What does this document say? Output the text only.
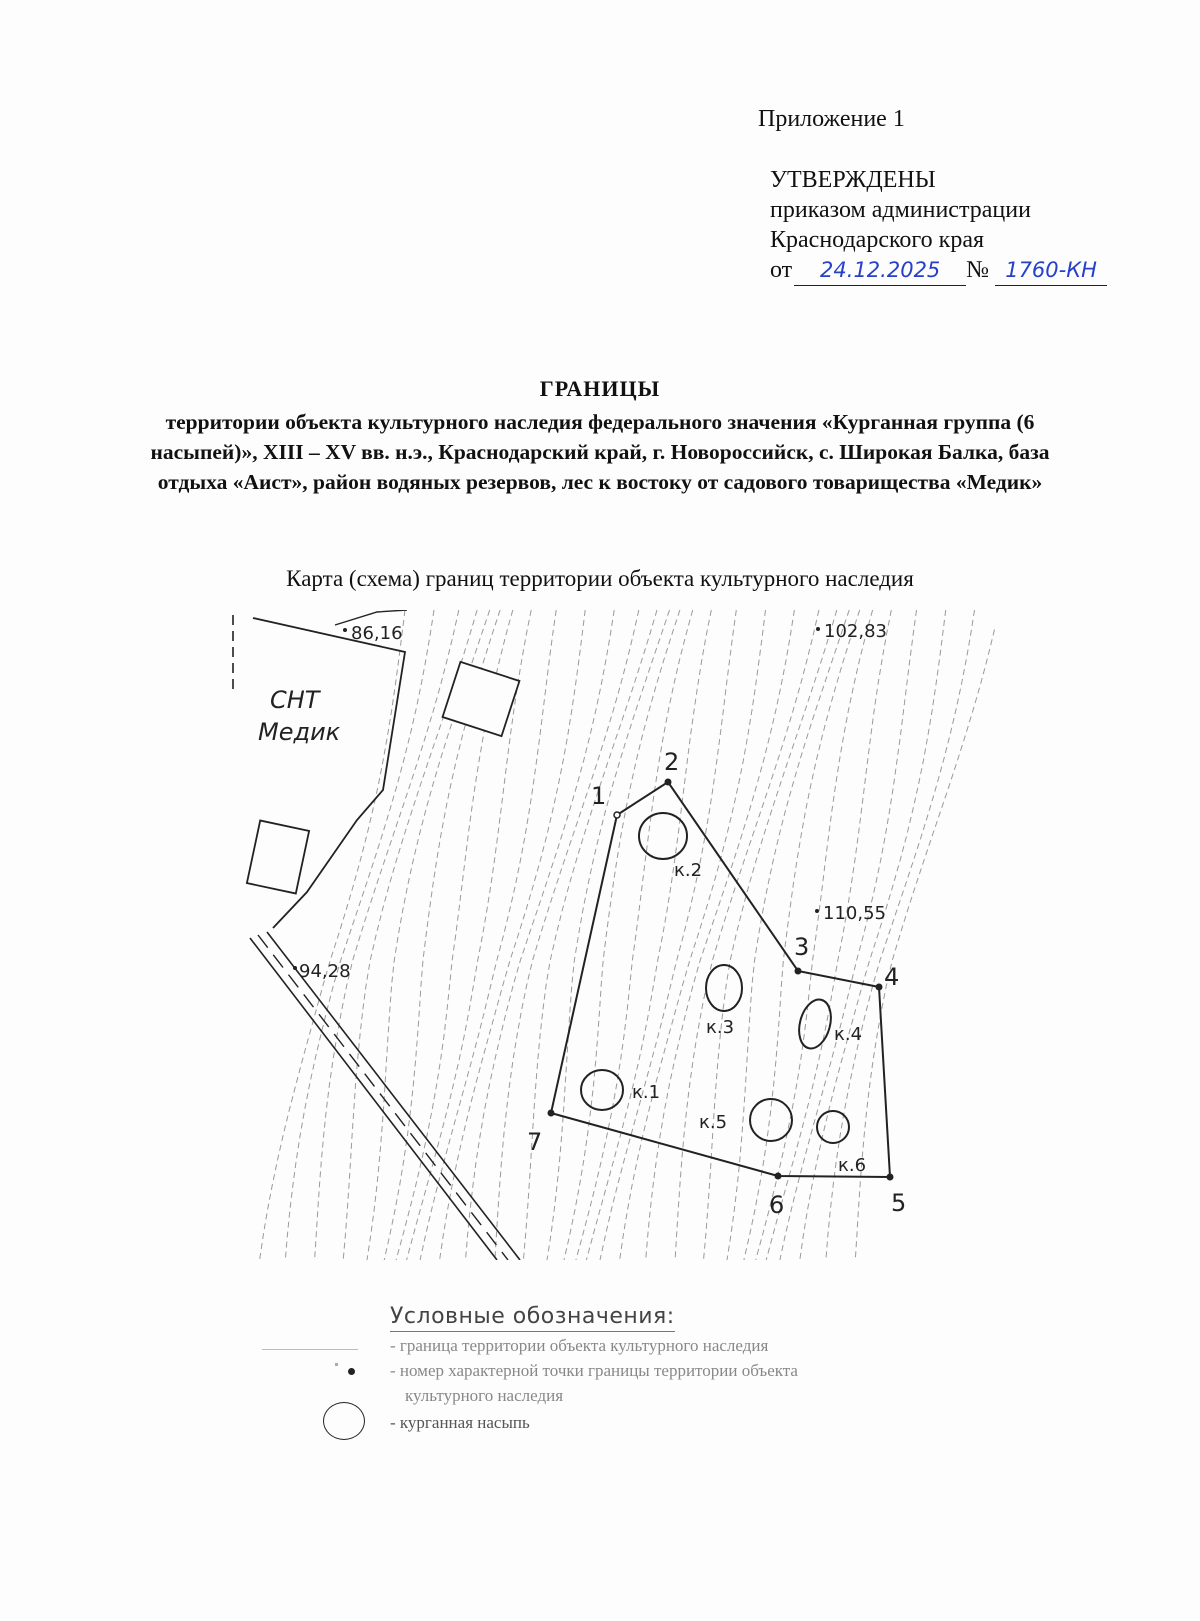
Приложение 1
УТВЕРЖДЕНЫ
приказом администрации
Краснодарского края
от	24.12.2025	№ 1760-КН
ГРАНИЦЫ
территории объекта культурного наследия федерального значения «Курганная группа (6 насыпей)», XIII – XV вв. н.э., Краснодарский край, г. Новороссийск, с. Широкая Балка, база отдыха «Аист», район водяных резервов, лес к востоку от садового товарищества «Медик»
Карта (схема) границ территории объекта культурного наследия
СНТ
Медик
86,16	102,83
110,55
94,28
1
2
3
4
5
6
7
к.1
к.2
к.3	к.4
к.5
к.6
Условные обозначения:
- граница территории объекта культурного наследия
- номер характерной точки границы территории объекта
культурного наследия
- курганная насыпь
